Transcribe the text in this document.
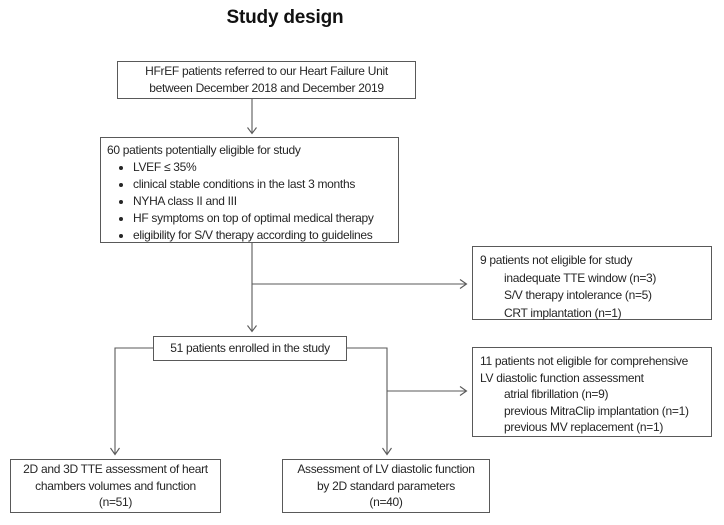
Study design
HFrEF patients referred to our Heart Failure Unit
between December 2018 and December 2019
60 patients potentially eligible for study
• LVEF ≤ 35%
• clinical stable conditions in the last 3 months
• NYHA class II and III
• HF symptoms on top of optimal medical therapy
• eligibility for S/V therapy according to guidelines
9 patients not eligible for study
inadequate TTE window (n=3)
S/V therapy intolerance (n=5)
CRT implantation (n=1)
51 patients enrolled in the study
11 patients not eligible for comprehensive
LV diastolic function assessment
atrial fibrillation (n=9)
previous MitraClip implantation (n=1)
previous MV replacement (n=1)
2D and 3D TTE assessment of heart
chambers volumes and function
(n=51)
Assessment of LV diastolic function
by 2D standard parameters
(n=40)
